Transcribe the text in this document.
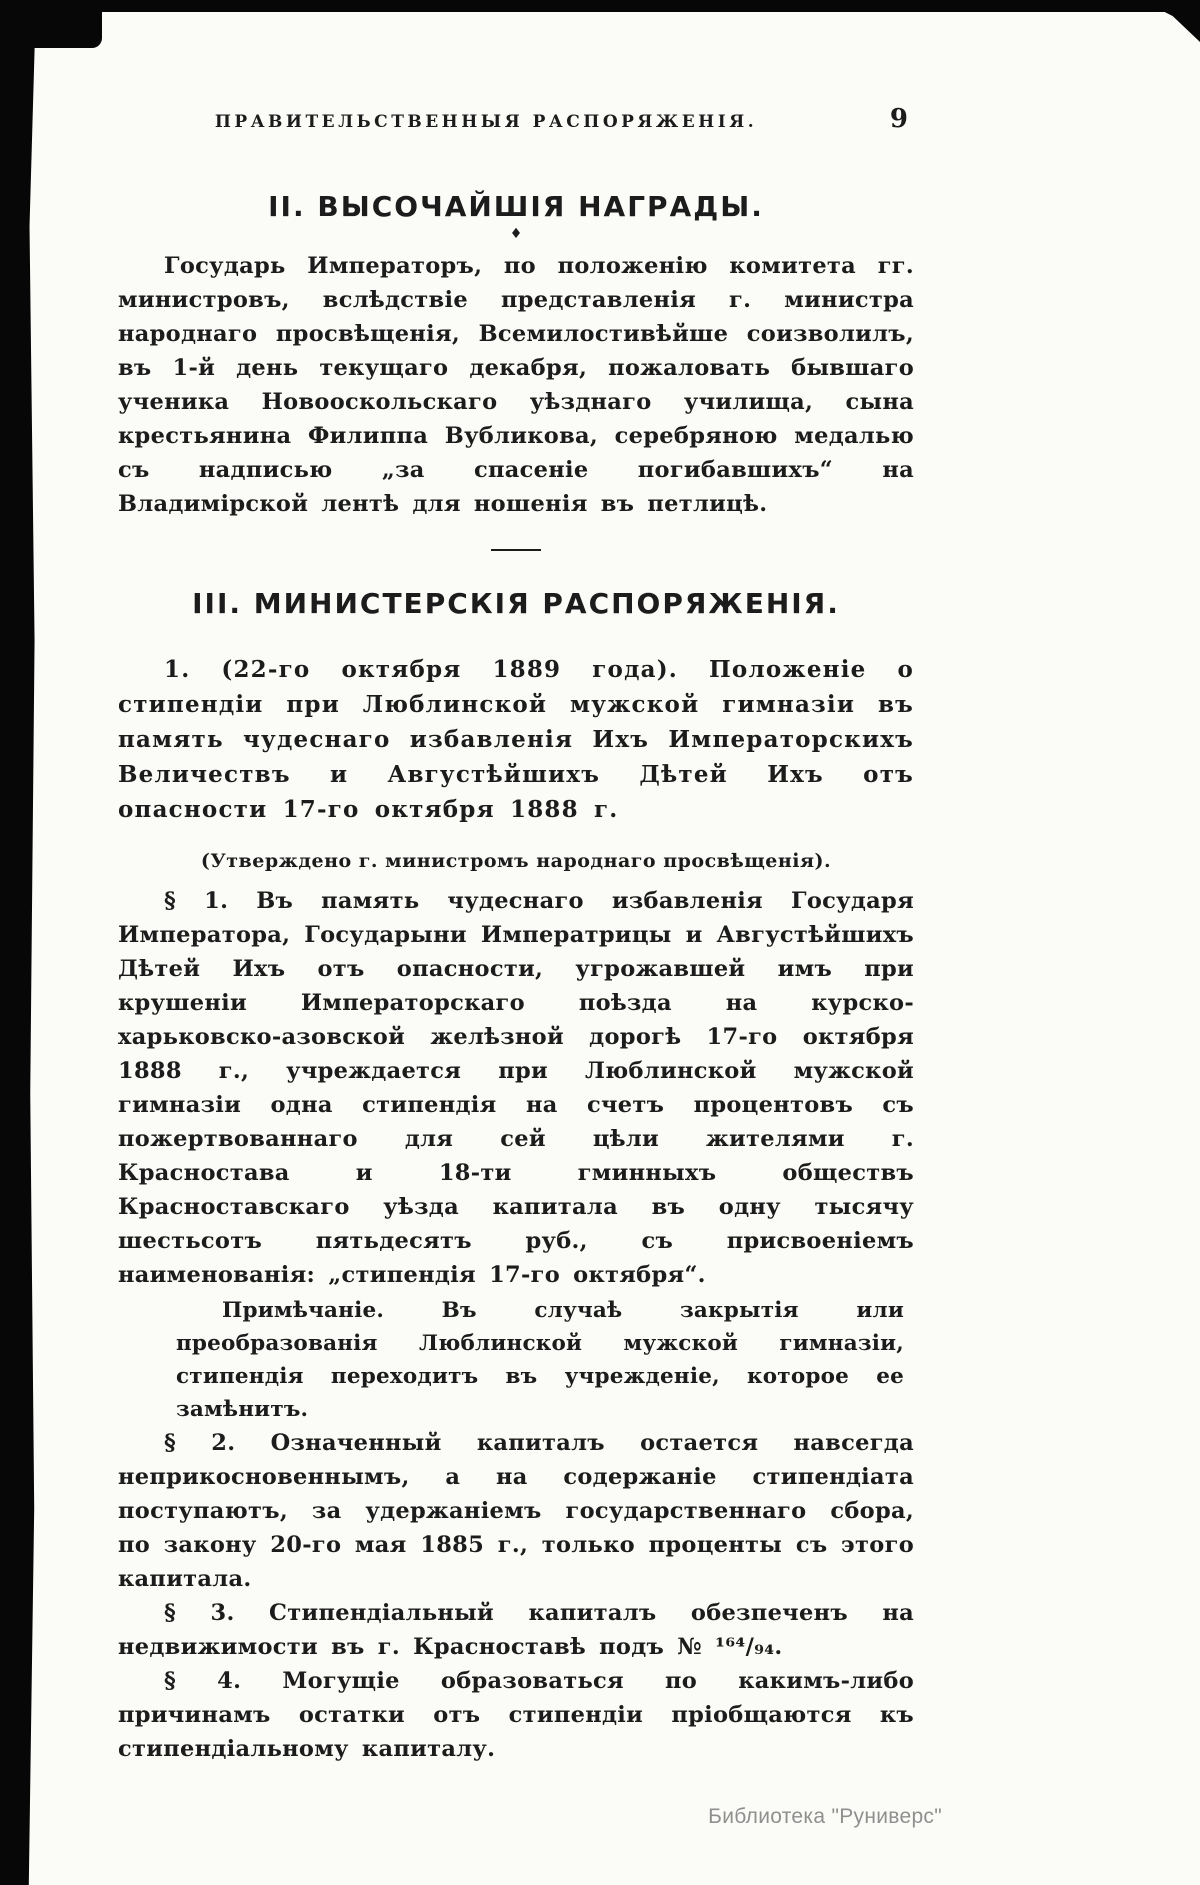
ПРАВИТЕЛЬСТВЕННЫЯ РАСПОРЯЖЕНІЯ.	9
II. ВЫСОЧАЙШІЯ НАГРАДЫ.
♦

Государь Императоръ, по положенію комитета гг. министровъ, вслѣдствіе представленія г. министра народнаго просвѣщенія, Всемилостивѣйше соизволилъ, въ 1-й день текущаго декабря, пожаловать бывшаго ученика Новооскольскаго уѣзднаго училища, сына крестьянина Филиппа Вубликова, серебряною медалью съ надписью „за спасеніе погибавшихъ“ на Владимірской лентѣ для ношенія въ петлицѣ.

III. МИНИСТЕРСКІЯ РАСПОРЯЖЕНІЯ.

1. (22-го октября 1889 года). Положеніе о стипендіи при Люблинской мужской гимназіи въ память чудеснаго избавленія Ихъ Императорскихъ Величествъ и Августѣйшихъ Дѣтей Ихъ отъ опасности 17-го октября 1888 г.

(Утверждено г. министромъ народнаго просвѣщенія).

§ 1. Въ память чудеснаго избавленія Государя Императора, Государыни Императрицы и Августѣйшихъ Дѣтей Ихъ отъ опасности, угрожавшей имъ при крушеніи Императорскаго поѣзда на курско-харьковско-азовской желѣзной дорогѣ 17-го октября 1888 г., учреждается при Люблинской мужской гимназіи одна стипендія на счетъ процентовъ съ пожертвованнаго для сей цѣли жителями г. Красностава и 18-ти гминныхъ обществъ Красноставскаго уѣзда капитала въ одну тысячу шестьсотъ пятьдесятъ руб., съ присвоеніемъ наименованія: „стипендія 17-го октября“.

Примѣчаніе. Въ случаѣ закрытія или преобразованія Люблинской мужской гимназіи, стипендія переходитъ въ учрежденіе, которое ее замѣнитъ.

§ 2. Означенный капиталъ остается навсегда неприкосновеннымъ, а на содержаніе стипендіата поступаютъ, за удержаніемъ государственнаго сбора, по закону 20-го мая 1885 г., только проценты съ этого капитала.

§ 3. Стипендіальный капиталъ обезпеченъ на недвижимости въ г. Красноставѣ подъ № ¹⁶⁴/₉₄.

§ 4. Могущіе образоваться по какимъ-либо причинамъ остатки отъ стипендіи пріобщаются къ стипендіальному капиталу.

Библиотека "Руниверс"
